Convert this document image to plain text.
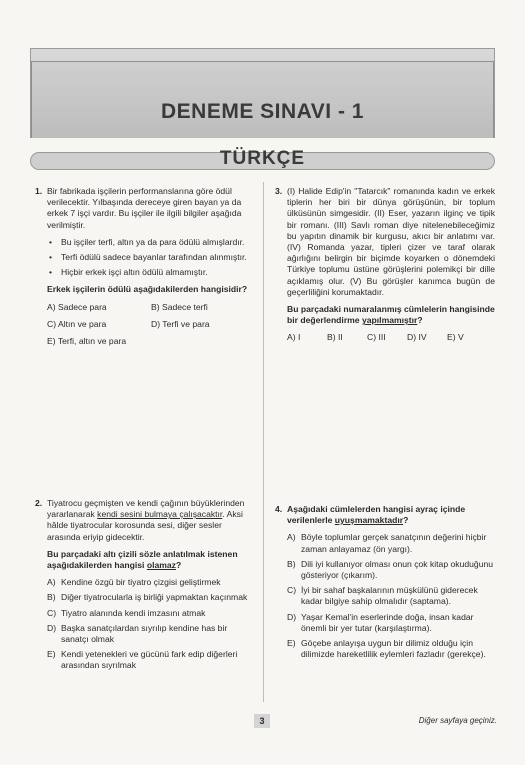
DENEME SINAVI - 1
TÜRKÇE
1. Bir fabrikada işçilerin performanslarına göre ödül verilecektir. Yılbaşında dereceye giren bayan ya da erkek 7 işçi vardır. Bu işçiler ile ilgili bilgiler aşağıda verilmiştir.

• Bu işçiler terfi, altın ya da para ödülü almışlardır.
• Terfi ödülü sadece bayanlar tarafından alınmıştır.
• Hiçbir erkek işçi altın ödülü almamıştır.

Erkek işçilerin ödülü aşağıdakilerden hangisidir?

A) Sadece para	B) Sadece terfi
C) Altın ve para	D) Terfi ve para
E) Terfi, altın ve para
2. Tiyatrocu geçmişten ve kendi çağının büyüklerinden yararlanarak kendi sesini bulmaya çalışacaktır. Aksi hâlde tiyatrocular korosunda sesi, diğer sesler arasında eriyip gidecektir.

Bu parçadaki altı çizili sözle anlatılmak istenen aşağıdakilerden hangisi olamaz?

A) Kendine özgü bir tiyatro çizgisi geliştirmek
B) Diğer tiyatrocularla iş birliği yapmaktan kaçınmak
C) Tiyatro alanında kendi imzasını atmak
D) Başka sanatçılardan sıyrılıp kendine has bir sanatçı olmak
E) Kendi yetenekleri ve gücünü fark edip diğerleri arasından sıyrılmak
3. (I) Halide Edip'in "Tatarcık" romanında kadın ve erkek tiplerin her biri bir dünya görüşünün, bir toplum ülküsünün simgesidir. (II) Eser, yazarın ilginç ve tipik bir romanı. (III) Savlı roman diye nitelenebileceğimiz bu yapıtın dinamik bir kurgusu, akıcı bir anlatımı var. (IV) Romanda yazar, tipleri çizer ve taraf olarak ağırlığını belirgin bir biçimde koyarken o dönemdeki Türkiye toplumu üstüne görüşlerini polemikçi bir dille açıklamış olur. (V) Bu görüşler kanımca bugün de geçerliliğini korumaktadır.

Bu parçadaki numaralanmış cümlelerin hangisinde bir değerlendirme yapılmamıştır?

A) I	B) II	C) III	D) IV	E) V
4. Aşağıdaki cümlelerden hangisi ayraç içinde verilenlerle uyuşmamaktadır?

A) Böyle toplumlar gerçek sanatçının değerini hiçbir zaman anlayamaz (ön yargı).
B) Dili iyi kullanıyor olması onun çok kitap okuduğunu gösteriyor (çıkarım).
C) İyi bir sahaf başkalarının müşkülünü giderecek kadar bilgiye sahip olmalıdır (saptama).
D) Yaşar Kemal'in eserlerinde doğa, insan kadar önemli bir yer tutar (karşılaştırma).
E) Göçebe anlayışa uygun bir dilimiz olduğu için dilimizde hareketlilik eylemleri fazladır (gerekçe).
3	Diğer sayfaya geçiniz.
